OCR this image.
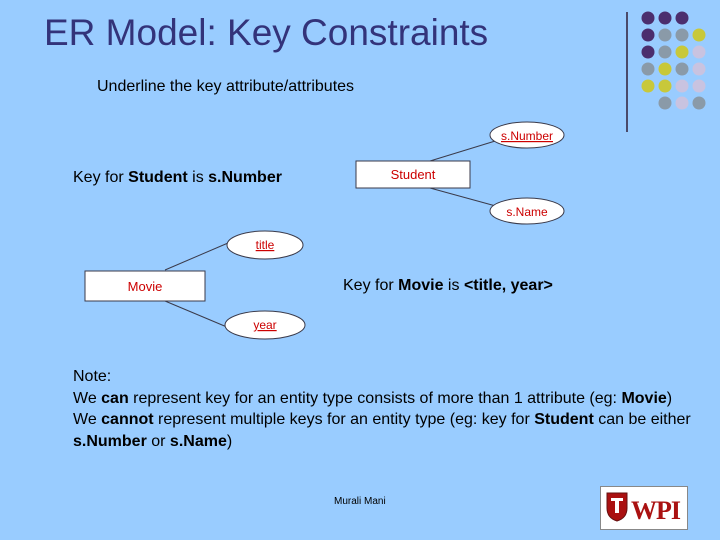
ER Model: Key Constraints
Underline the key attribute/attributes
Key for Student is s.Number
Key for Movie is <title, year>
Student
s.Number
s.Name
Movie
title
year
Note:
We can represent key for an entity type consists of more than 1 attribute (eg: Movie)
We cannot represent multiple keys for an entity type (eg: key for Student can be either s.Number or s.Name)
Murali Mani	WPI
